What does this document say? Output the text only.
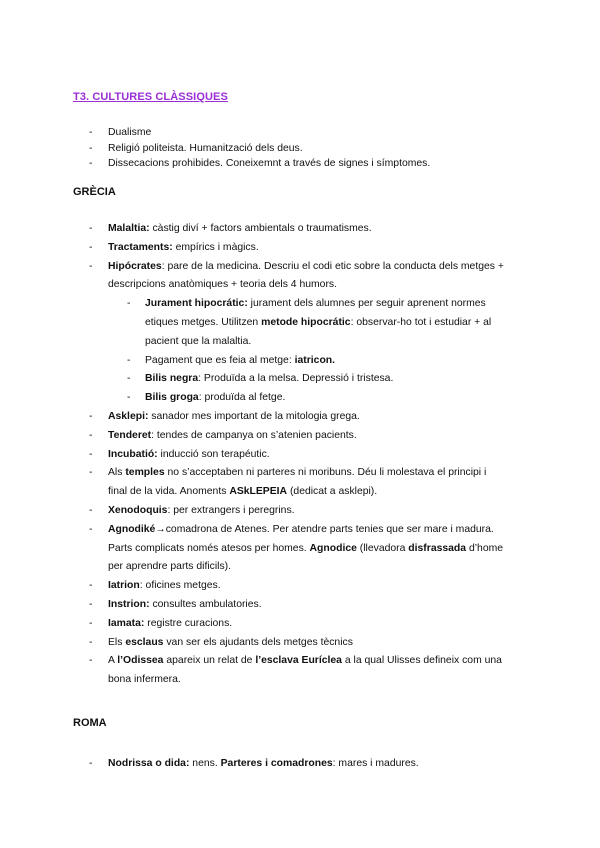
T3. CULTURES CLÀSSIQUES
- Dualisme
- Religió politeista. Humanització dels deus.
- Dissecacions prohibides. Coneixemnt a través de signes i símptomes.
GRÈCIA
- Malaltia: càstig diví + factors ambientals o traumatismes.
- Tractaments: empírics i màgics.
- Hipócrates: pare de la medicina. Descriu el codi etic sobre la conducta dels metges + descripcions anatòmiques + teoria dels 4 humors.
- Jurament hipocrátic: jurament dels alumnes per seguir aprenent normes etiques metges. Utilitzen metode hipocrátic: observar-ho tot i estudiar + al pacient que la malaltia.
- Pagament que es feia al metge: iatricon.
- Bilis negra: Produïda a la melsa. Depressió i tristesa.
- Bilis groga: produïda al fetge.
- Asklepi: sanador mes important de la mitologia grega.
- Tenderet: tendes de campanya on s’atenien pacients.
- Incubatió: inducció son terapéutic.
- Als temples no s’acceptaben ni parteres ni moribuns. Déu li molestava el principi i final de la vida. Anoments ASkLEPEIA (dedicat a asklepi).
- Xenodoquis: per extrangers i peregrins.
- Agnodiké→comadrona de Atenes. Per atendre parts tenies que ser mare i madura. Parts complicats només atesos per homes. Agnodice (llevadora disfrassada d’home per aprendre parts dificils).
- Iatrion: oficines metges.
- Instrion: consultes ambulatories.
- Iamata: registre curacions.
- Els esclaus van ser els ajudants dels metges tècnics
- A l’Odissea apareix un relat de l’esclava Euríclea a la qual Ulisses defineix com una bona infermera.
ROMA
- Nodrissa o dida: nens. Parteres i comadrones: mares i madures.
